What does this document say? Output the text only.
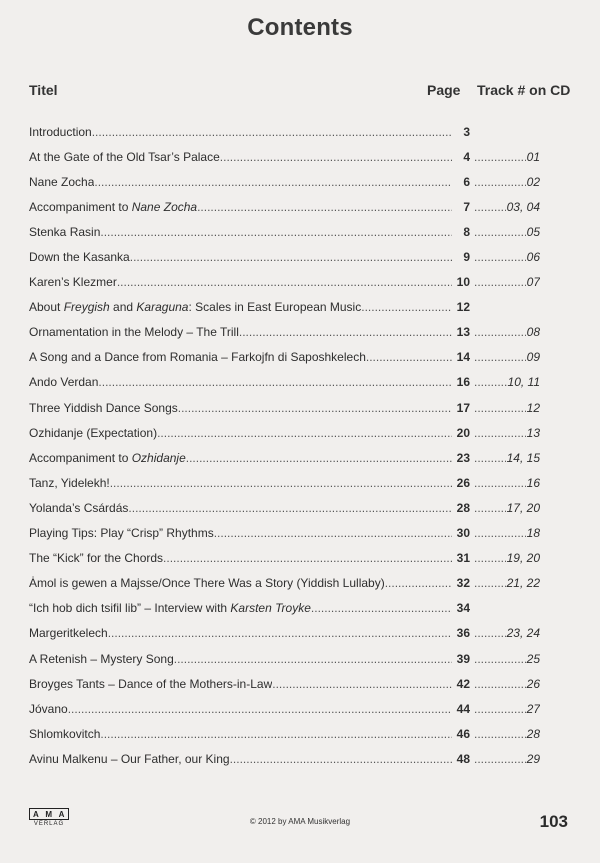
Contents
Titel	Page Track # on CD
Introduction .....	3
At the Gate of the Old Tsar’s Palace .....	4 .....	01
Nane Zocha .....	6 .....	02
Accompaniment to Nane Zocha .....	7 .....	03, 04
Stenka Rasin .....	8 .....	05
Down the Kasanka .....	9 .....	06
Karen’s Klezmer .....	10 .....	07
About Freygish and Karaguna: Scales in East European Music .....	12
Ornamentation in the Melody – The Trill .....	13 .....	08
A Song and a Dance from Romania – Farkojfn di Saposhkelech .....	14 .....	09
Ando Verdan .....	16 .....	10, 11
Three Yiddish Dance Songs .....	17 .....	12
Ozhidanje (Expectation) .....	20 .....	13
Accompaniment to Ozhidanje .....	23 .....	14, 15
Tanz, Yidelekh! .....	26 .....	16
Yolanda’s Csárdás .....	28 .....	17, 20
Playing Tips: Play “Crisp” Rhythms .....	30 .....	18
The “Kick” for the Chords .....	31 .....	19, 20
Ȧmol is gewen a Majsse/Once There Was a Story (Yiddish Lullaby) .....	32 .....	21, 22
“Ich hob dich tsifil lib” – Interview with Karsten Troyke .....	34
Margeritkelech .....	36 .....	23, 24
A Retenish – Mystery Song .....	39 .....	25
Broyges Tants – Dance of the Mothers-in-Law .....	42 .....	26
Jóvano .....	44 .....	27
Shlomkovitch .....	46 .....	28
Avinu Malkenu – Our Father, our King .....	48 .....	29
A M A
VERLAG	© 2012 by AMA Musikverlag	103
